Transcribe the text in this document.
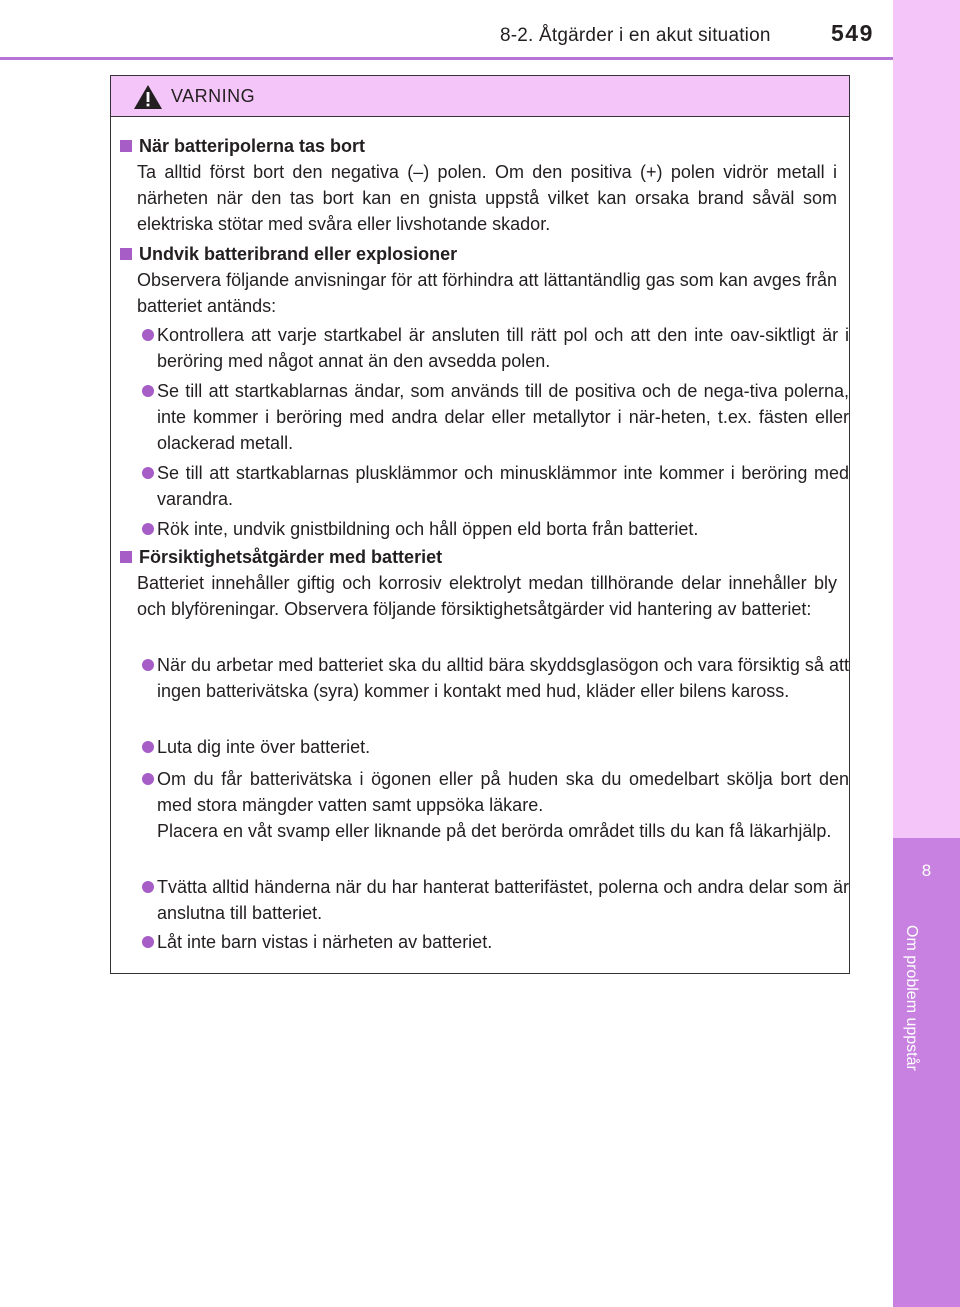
8-2. Åtgärder i en akut situation	549
8
Om problem uppstår
VARNING
När batteripolerna tas bort
Ta alltid först bort den negativa (–) polen. Om den positiva (+) polen vidrör metall i närheten när den tas bort kan en gnista uppstå vilket kan orsaka brand såväl som elektriska stötar med svåra eller livshotande skador.
Undvik batteribrand eller explosioner
Observera följande anvisningar för att förhindra att lättantändlig gas som kan avges från batteriet antänds:
Kontrollera att varje startkabel är ansluten till rätt pol och att den inte oav-siktligt är i beröring med något annat än den avsedda polen.
Se till att startkablarnas ändar, som används till de positiva och de nega-tiva polerna, inte kommer i beröring med andra delar eller metallytor i när-heten, t.ex. fästen eller olackerad metall.
Se till att startkablarnas plusklämmor och minusklämmor inte kommer i beröring med varandra.
Rök inte, undvik gnistbildning och håll öppen eld borta från batteriet.
Försiktighetsåtgärder med batteriet
Batteriet innehåller giftig och korrosiv elektrolyt medan tillhörande delar innehåller bly och blyföreningar. Observera följande försiktighetsåtgärder vid hantering av batteriet:
När du arbetar med batteriet ska du alltid bära skyddsglasögon och vara försiktig så att ingen batterivätska (syra) kommer i kontakt med hud, kläder eller bilens kaross.
Luta dig inte över batteriet.

Om du får batterivätska i ögonen eller på huden ska du omedelbart skölja bort den med stora mängder vatten samt uppsöka läkare.

Placera en våt svamp eller liknande på det berörda området tills du kan få läkarhjälp.

Tvätta alltid händerna när du har hanterat batterifästet, polerna och andra delar som är anslutna till batteriet.
Låt inte barn vistas i närheten av batteriet.
